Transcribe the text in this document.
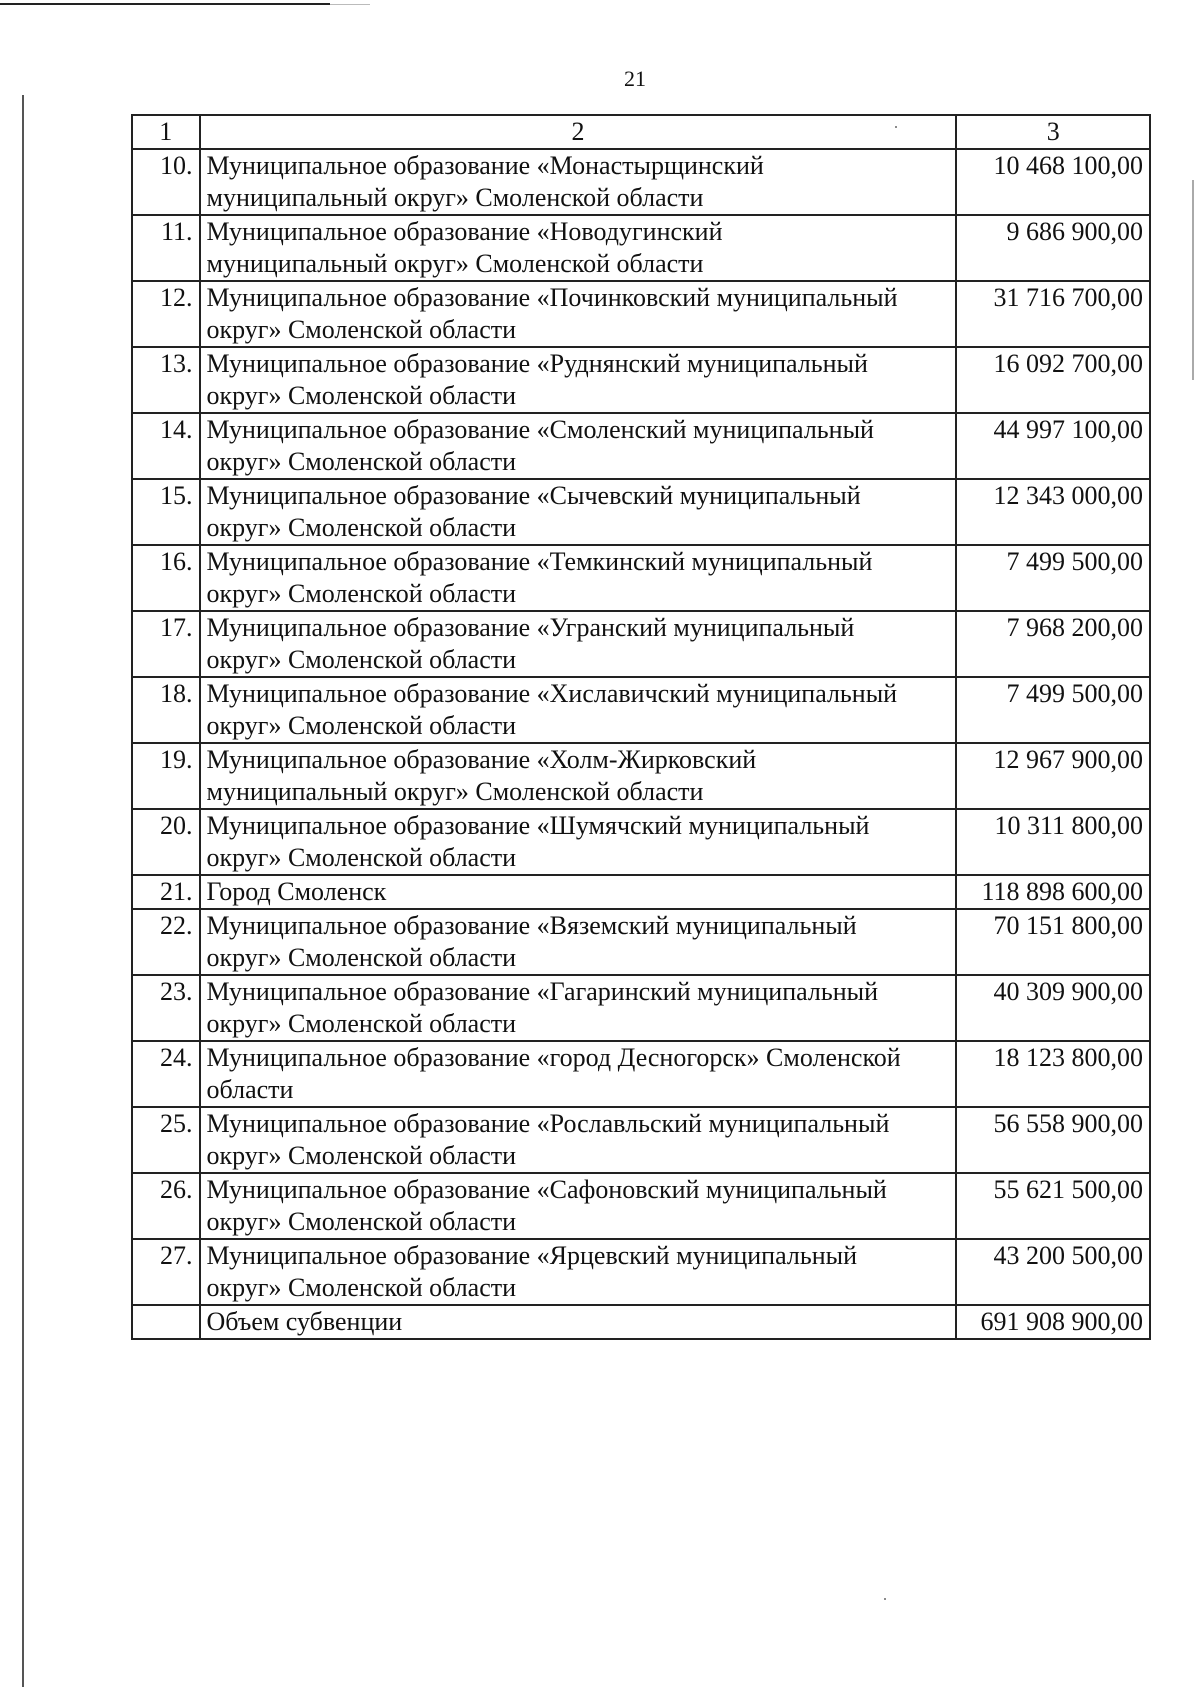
21
1	2	3
10.	Муниципальное образование «Монастырщинский
муниципальный округ» Смоленской области	10 468 100,00
11.	Муниципальное образование «Новодугинский
муниципальный округ» Смоленской области	9 686 900,00
12.	Муниципальное образование «Починковский муниципальный
округ» Смоленской области	31 716 700,00
13.	Муниципальное образование «Руднянский муниципальный
округ» Смоленской области	16 092 700,00
14.	Муниципальное образование «Смоленский муниципальный
округ» Смоленской области	44 997 100,00
15.	Муниципальное образование «Сычевский муниципальный
округ» Смоленской области	12 343 000,00
16.	Муниципальное образование «Темкинский муниципальный
округ» Смоленской области	7 499 500,00
17.	Муниципальное образование «Угранский муниципальный
округ» Смоленской области	7 968 200,00
18.	Муниципальное образование «Хиславичский муниципальный
округ» Смоленской области	7 499 500,00
19.	Муниципальное образование «Холм-Жирковский
муниципальный округ» Смоленской области	12 967 900,00
20.	Муниципальное образование «Шумячский муниципальный
округ» Смоленской области	10 311 800,00
21.	Город Смоленск	118 898 600,00
22.	Муниципальное образование «Вяземский муниципальный
округ» Смоленской области	70 151 800,00
23.	Муниципальное образование «Гагаринский муниципальный
округ» Смоленской области	40 309 900,00
24.	Муниципальное образование «город Десногорск» Смоленской
области	18 123 800,00
25.	Муниципальное образование «Рославльский муниципальный
округ» Смоленской области	56 558 900,00
26.	Муниципальное образование «Сафоновский муниципальный
округ» Смоленской области	55 621 500,00
27.	Муниципальное образование «Ярцевский муниципальный
округ» Смоленской области	43 200 500,00
	Объем субвенции	691 908 900,00
